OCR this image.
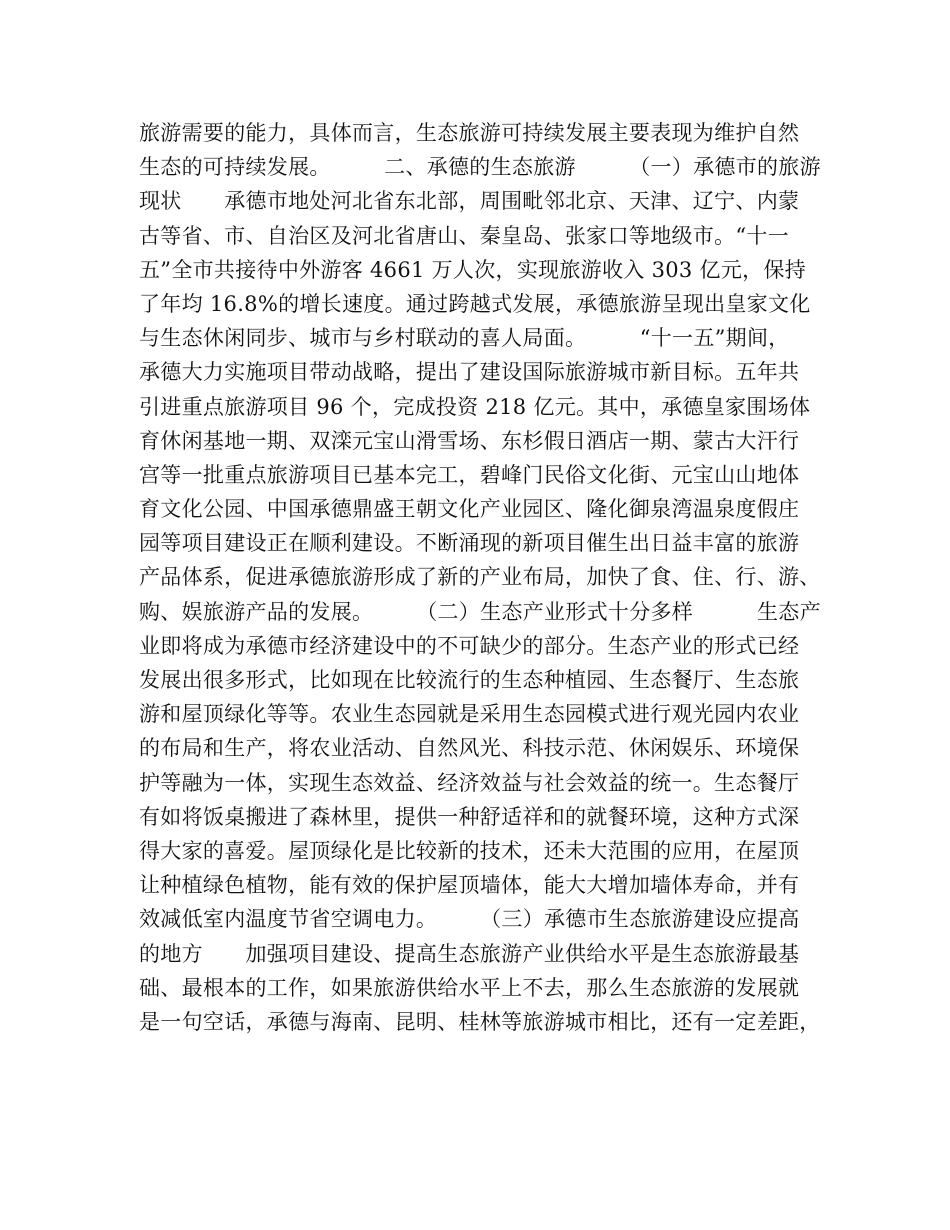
旅游需要的能力，具体而言，生态旅游可持续发展主要表现为维护自然
生态的可持续发展。　　　二、承德的生态旅游　　　（一）承德市的旅游
现状　　承德市地处河北省东北部，周围毗邻北京、天津、辽宁、内蒙
古等省、市、自治区及河北省唐山、秦皇岛、张家口等地级市。“十一
五”全市共接待中外游客 4661 万人次，实现旅游收入 303 亿元，保持
了年均 16.8%的增长速度。通过跨越式发展，承德旅游呈现出皇家文化
与生态休闲同步、城市与乡村联动的喜人局面。　　　“十一五”期间，
承德大力实施项目带动战略，提出了建设国际旅游城市新目标。五年共
引进重点旅游项目 96 个，完成投资 218 亿元。其中，承德皇家围场体
育休闲基地一期、双滦元宝山滑雪场、东杉假日酒店一期、蒙古大汗行
宫等一批重点旅游项目已基本完工，碧峰门民俗文化街、元宝山山地体
育文化公园、中国承德鼎盛王朝文化产业园区、隆化御泉湾温泉度假庄
园等项目建设正在顺利建设。不断涌现的新项目催生出日益丰富的旅游
产品体系，促进承德旅游形成了新的产业布局，加快了食、住、行、游、
购、娱旅游产品的发展。　　　（二）生态产业形式十分多样　　　生态产
业即将成为承德市经济建设中的不可缺少的部分。生态产业的形式已经
发展出很多形式，比如现在比较流行的生态种植园、生态餐厅、生态旅
游和屋顶绿化等等。农业生态园就是采用生态园模式进行观光园内农业
的布局和生产，将农业活动、自然风光、科技示范、休闲娱乐、环境保
护等融为一体，实现生态效益、经济效益与社会效益的统一。生态餐厅
有如将饭桌搬进了森林里，提供一种舒适祥和的就餐环境，这种方式深
得大家的喜爱。屋顶绿化是比较新的技术，还未大范围的应用，在屋顶
让种植绿色植物，能有效的保护屋顶墙体，能大大增加墙体寿命，并有
效减低室内温度节省空调电力。　　　（三）承德市生态旅游建设应提高
的地方　　加强项目建设、提高生态旅游产业供给水平是生态旅游最基
础、最根本的工作，如果旅游供给水平上不去，那么生态旅游的发展就
是一句空话，承德与海南、昆明、桂林等旅游城市相比，还有一定差距，
